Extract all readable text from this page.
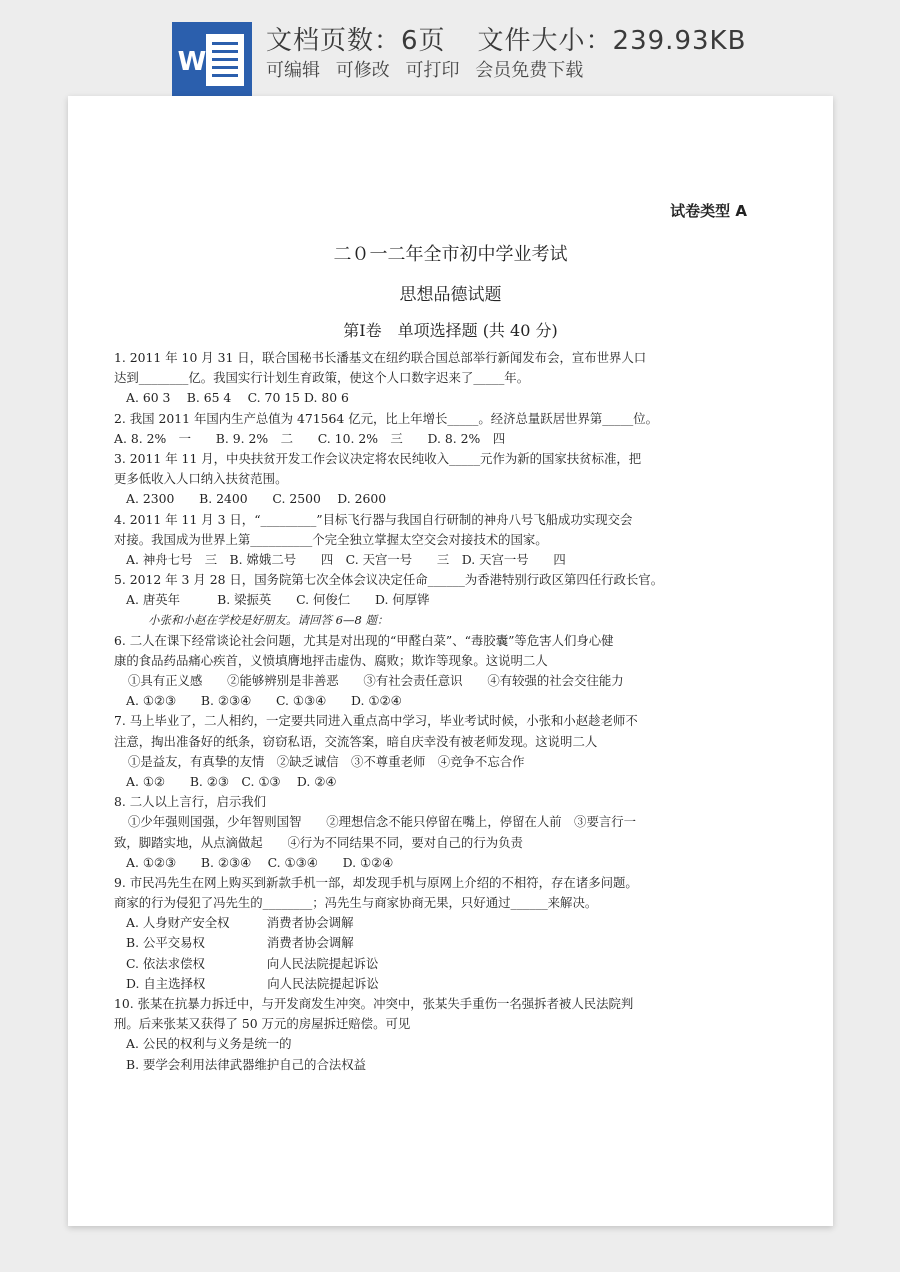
W
文档页数：6页 文件大小：239.93KB
可编辑 可修改 可打印 会员免费下载
试卷类型 A
二０一二年全市初中学业考试
思想品德试题
第Ⅰ卷　单项选择题 (共 40 分)
1. 2011 年 10 月 31 日，联合国秘书长潘基文在纽约联合国总部举行新闻发布会，宣布世界人口
达到________亿。我国实行计划生育政策，使这个人口数字迟来了_____年。
A. 60 3　 B. 65 4　 C. 70 15 D. 80 6
2. 我国 2011 年国内生产总值为 471564 亿元，比上年增长_____。经济总量跃居世界第_____位。
A. 8. 2%　一　　B. 9. 2%　二　　C. 10. 2%　三　　D. 8. 2%　四
3. 2011 年 11 月，中央扶贫开发工作会议决定将农民纯收入_____元作为新的国家扶贫标准，把
更多低收入人口纳入扶贫范围。
A. 2300　　B. 2400　　C. 2500　 D. 2600
4. 2011 年 11 月 3 日，“_________”目标飞行器与我国自行研制的神舟八号飞船成功实现交会
对接。我国成为世界上第__________个完全独立掌握太空交会对接技术的国家。
A. 神舟七号　三　B. 嫦娥二号　　四　C. 天宫一号　　三　D. 天宫一号　　四
5. 2012 年 3 月 28 日，国务院第七次全体会议决定任命______为香港特别行政区第四任行政长官。
A. 唐英年　　　B. 梁振英　　C. 何俊仁　　D. 何厚铧
小张和小赵在学校是好朋友。请回答 6—8 题：
6. 二人在课下经常谈论社会问题，尤其是对出现的“甲醛白菜”、“毒胶囊”等危害人们身心健
康的食品药品痛心疾首，义愤填膺地抨击虚伪、腐败；欺诈等现象。这说明二人
①具有正义感　　②能够辨别是非善恶　　③有社会责任意识　　④有较强的社会交往能力
A. ①②③　　B. ②③④　　C. ①③④　　D. ①②④
7. 马上毕业了，二人相约，一定要共同进入重点高中学习，毕业考试时候，小张和小赵趁老师不
注意，掏出准备好的纸条，窃窃私语，交流答案，暗自庆幸没有被老师发现。这说明二人
①是益友，有真挚的友情　②缺乏诚信　③不尊重老师　④竞争不忘合作
A. ①②　　B. ②③　C. ①③　 D. ②④
8. 二人以上言行，启示我们
①少年强则国强，少年智则国智　　②理想信念不能只停留在嘴上，停留在人前　③要言行一
致，脚踏实地，从点滴做起　　④行为不同结果不同，要对自己的行为负责
A. ①②③　　B. ②③④　 C. ①③④　　D. ①②④
9. 市民冯先生在网上购买到新款手机一部，却发现手机与原网上介绍的不相符，存在诸多问题。
商家的行为侵犯了冯先生的________；冯先生与商家协商无果，只好通过______来解决。
A. 人身财产安全权　　　消费者协会调解
B. 公平交易权　　　　　消费者协会调解
C. 依法求偿权　　　　　向人民法院提起诉讼
D. 自主选择权　　　　　向人民法院提起诉讼
10. 张某在抗暴力拆迁中，与开发商发生冲突。冲突中，张某失手重伤一名强拆者被人民法院判
刑。后来张某又获得了 50 万元的房屋拆迁赔偿。可见
A. 公民的权利与义务是统一的
B. 要学会利用法律武器维护自己的合法权益
